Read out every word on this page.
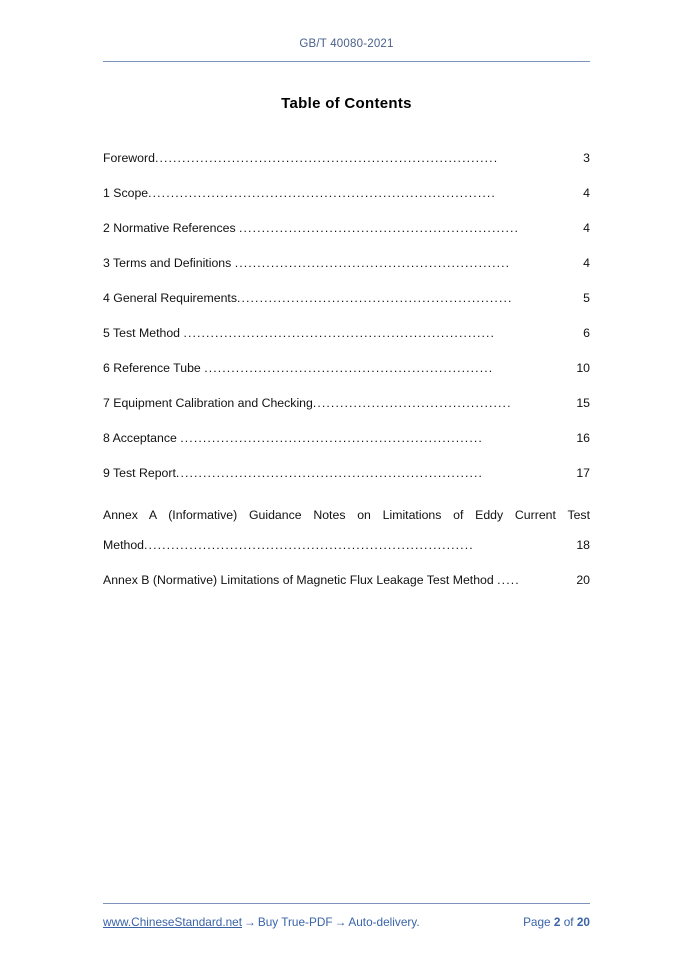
GB/T 40080-2021
Table of Contents
Foreword............................................................................	3
1 Scope.............................................................................	4
2 Normative References ..............................................................	4
3 Terms and Definitions .............................................................	4
4 General Requirements.............................................................	5
5 Test Method .....................................................................	6
6 Reference Tube ................................................................	10
7 Equipment Calibration and Checking............................................	15
8 Acceptance ...................................................................	16
9 Test Report....................................................................	17
Annex A (Informative) Guidance Notes on Limitations of Eddy Current Test
Method.........................................................................	18
Annex B (Normative) Limitations of Magnetic Flux Leakage Test Method .....	20
www.ChineseStandard.net → Buy True-PDF → Auto-delivery.	Page 2 of 20
